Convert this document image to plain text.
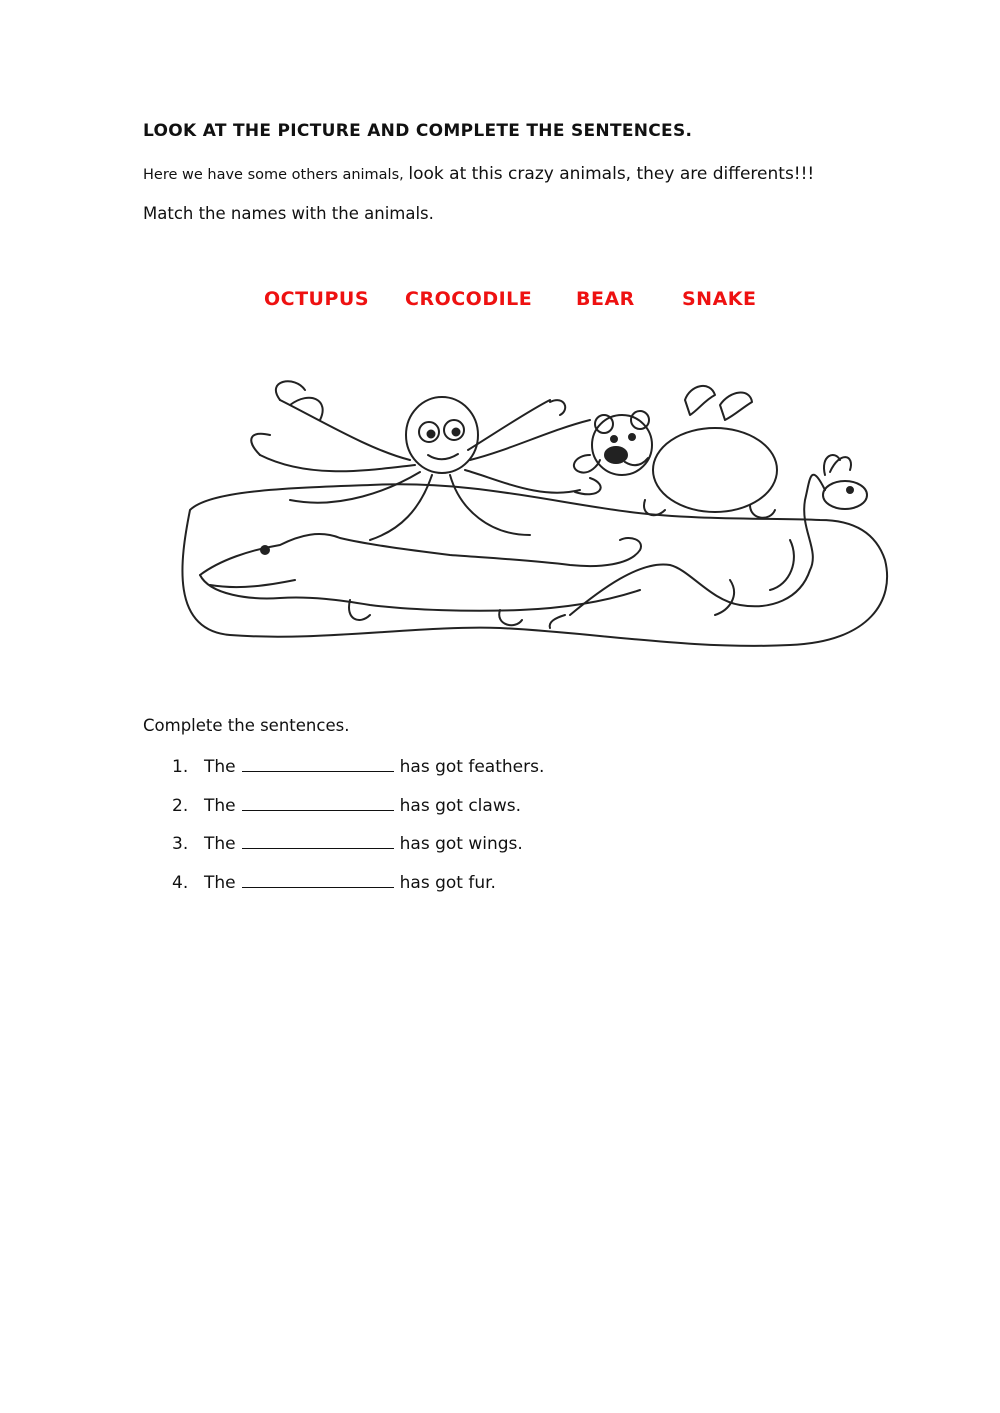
LOOK AT THE PICTURE AND COMPLETE THE SENTENCES.
Here we have some others animals, look at this crazy animals, they are differents!!!
Match the names with the animals.
OCTUPUS CROCODILE BEAR SNAKE
Complete the sentences.
1. The	has got feathers.
2. The	has got claws.
3. The	has got wings.
4. The	has got fur.
